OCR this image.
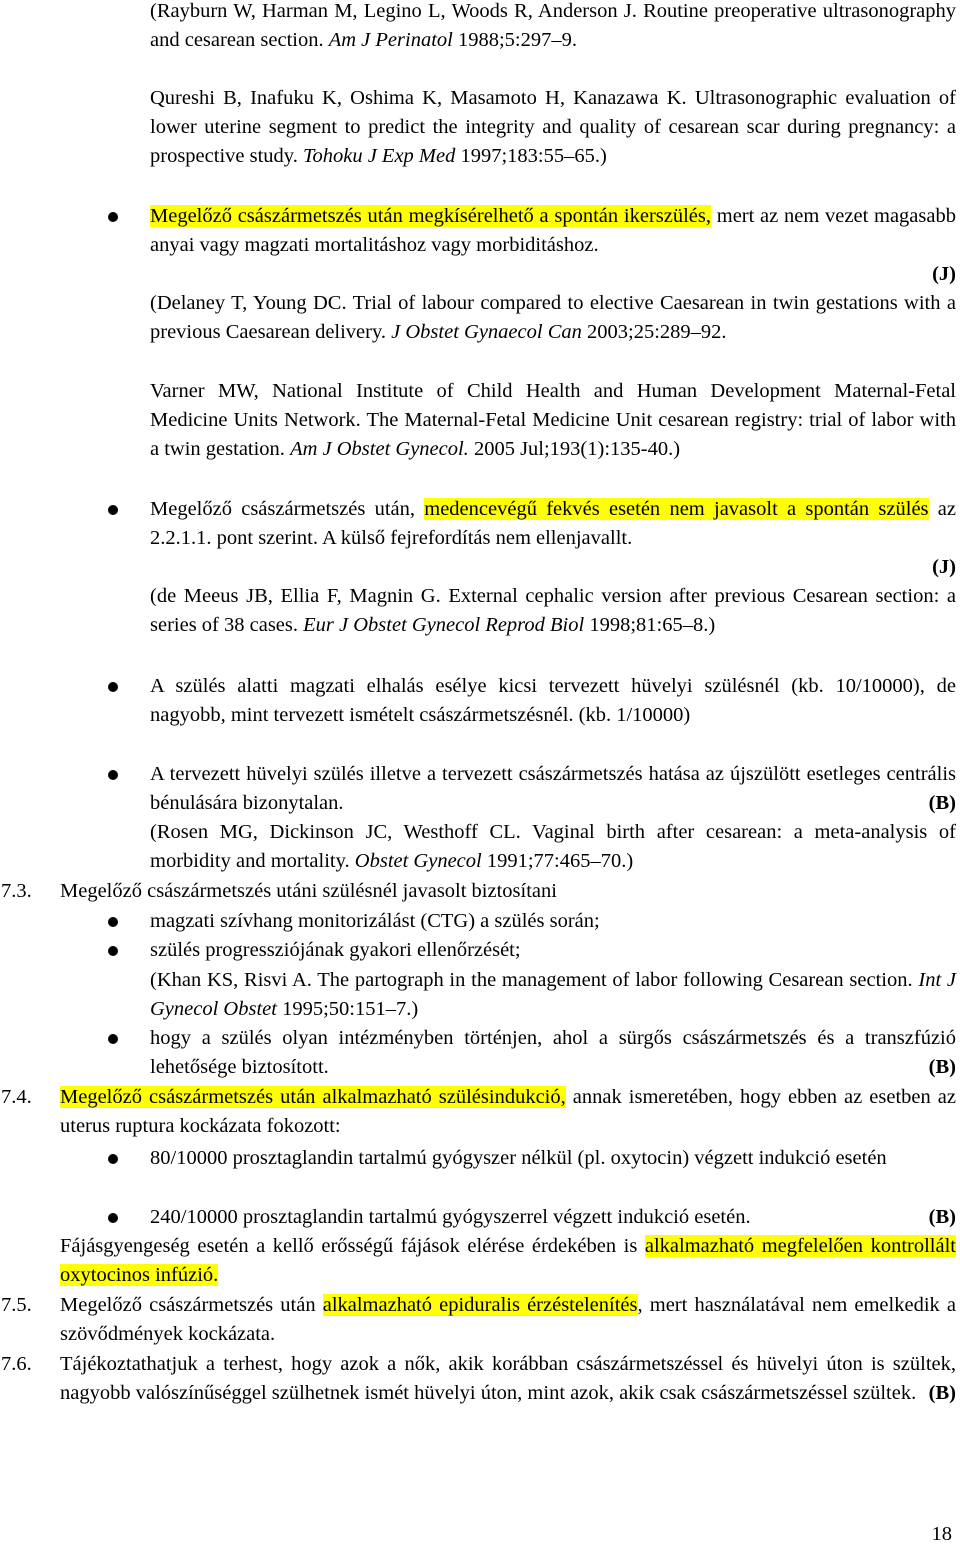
(Rayburn W, Harman M, Legino L, Woods R, Anderson J. Routine preoperative ultrasonography and cesarean section. Am J Perinatol 1988;5:297–9.
Qureshi B, Inafuku K, Oshima K, Masamoto H, Kanazawa K. Ultrasonographic evaluation of lower uterine segment to predict the integrity and quality of cesarean scar during pregnancy: a prospective study. Tohoku J Exp Med 1997;183:55–65.)
Megelőző császármetszés után megkísérelhető a spontán ikerszülés, mert az nem vezet magasabb anyai vagy magzati mortalitáshoz vagy morbiditáshoz.
(J)
(Delaney T, Young DC. Trial of labour compared to elective Caesarean in twin gestations with a previous Caesarean delivery. J Obstet Gynaecol Can 2003;25:289–92.
Varner MW, National Institute of Child Health and Human Development Maternal-Fetal Medicine Units Network. The Maternal-Fetal Medicine Unit cesarean registry: trial of labor with a twin gestation. Am J Obstet Gynecol. 2005 Jul;193(1):135-40.)
Megelőző császármetszés után, medencevégű fekvés esetén nem javasolt a spontán szülés az 2.2.1.1. pont szerint. A külső fejrefordítás nem ellenjavallt.
(J)
(de Meeus JB, Ellia F, Magnin G. External cephalic version after previous Cesarean section: a series of 38 cases. Eur J Obstet Gynecol Reprod Biol 1998;81:65–8.)
A szülés alatti magzati elhalás esélye kicsi tervezett hüvelyi szülésnél (kb. 10/10000), de nagyobb, mint tervezett ismételt császármetszésnél. (kb. 1/10000)
A tervezett hüvelyi szülés illetve a tervezett császármetszés hatása az újszülött esetleges centrális bénulására bizonytalan.	(B)
(Rosen MG, Dickinson JC, Westhoff CL. Vaginal birth after cesarean: a meta-analysis of morbidity and mortality. Obstet Gynecol 1991;77:465–70.)
7.3. Megelőző császármetszés utáni szülésnél javasolt biztosítani
magzati szívhang monitorizálást (CTG) a szülés során;
szülés progressziójának gyakori ellenőrzését;
(Khan KS, Risvi A. The partograph in the management of labor following Cesarean section. Int J Gynecol Obstet 1995;50:151–7.)
hogy a szülés olyan intézményben történjen, ahol a sürgős császármetszés és a transzfúzió lehetősége biztosított.	(B)
7.4. Megelőző császármetszés után alkalmazható szülésindukció, annak ismeretében, hogy ebben az esetben az uterus ruptura kockázata fokozott:
80/10000 prosztaglandin tartalmú gyógyszer nélkül (pl. oxytocin) végzett indukció esetén
240/10000 prosztaglandin tartalmú gyógyszerrel végzett indukció esetén.	(B)
Fájásgyengeség esetén a kellő erősségű fájások elérése érdekében is alkalmazható megfelelően kontrollált oxytocinos infúzió.
7.5. Megelőző császármetszés után alkalmazható epiduralis érzéstelenítés, mert használatával nem emelkedik a szövődmények kockázata.
7.6. Tájékoztathatjuk a terhest, hogy azok a nők, akik korábban császármetszéssel és hüvelyi úton is szültek, nagyobb valószínűséggel szülhetnek ismét hüvelyi úton, mint azok, akik csak császármetszéssel szültek. (B)
18
